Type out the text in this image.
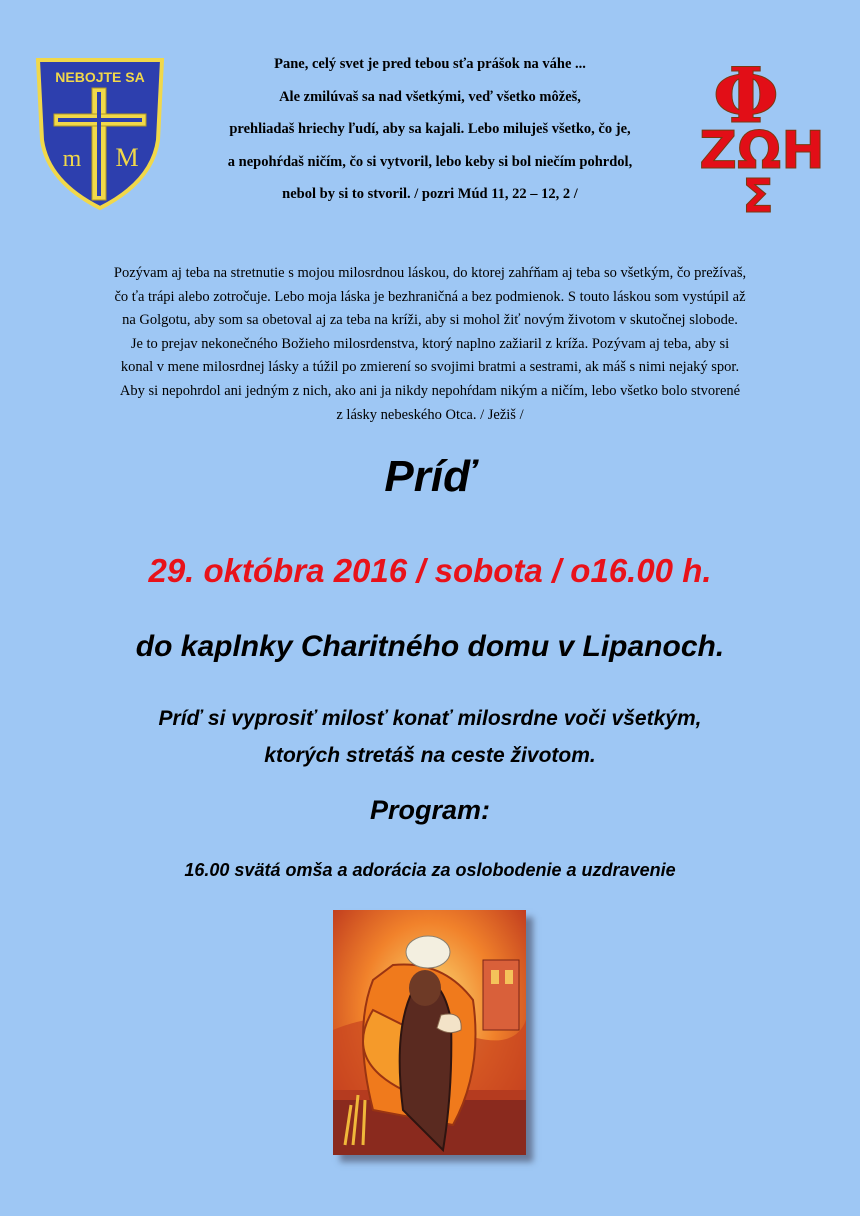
NEBOJTE SA
m M
Φ
ZΩH
Σ

Pane, celý svet je pred tebou sťa prášok na váhe ...

Ale zmilúvaš sa nad všetkými, veď všetko môžeš,

prehliadaš hriechy ľudí, aby sa kajali. Lebo miluješ všetko, čo je,

a nepohŕdaš ničím, čo si vytvoril, lebo keby si bol niečím pohrdol,

nebol by si to stvoril. / pozri Múd 11, 22 – 12, 2 /

Pozývam aj teba na stretnutie s mojou milosrdnou láskou, do ktorej zahŕňam aj teba so všetkým, čo prežívaš,

čo ťa trápi alebo zotročuje. Lebo moja láska je bezhraničná a bez podmienok. S touto láskou som vystúpil až

na Golgotu, aby som sa obetoval aj za teba na kríži, aby si mohol žiť novým životom v skutočnej slobode.

Je to prejav nekonečného Božieho milosrdenstva, ktorý naplno zažiaril z kríža. Pozývam aj teba, aby si

konal v mene milosrdnej lásky a túžil po zmierení so svojimi bratmi a sestrami, ak máš s nimi nejaký spor.

Aby si nepohrdol ani jedným z nich, ako ani ja nikdy nepohŕdam nikým a ničím, lebo všetko bolo stvorené

z lásky nebeského Otca. / Ježiš /

Príď
29. októbra 2016 / sobota / o16.00 h.
do kaplnky Charitného domu v Lipanoch.
Príď si vyprosiť milosť konať milosrdne voči všetkým,
ktorých stretáš na ceste životom.
Program:
16.00 svätá omša a adorácia za oslobodenie a uzdravenie
